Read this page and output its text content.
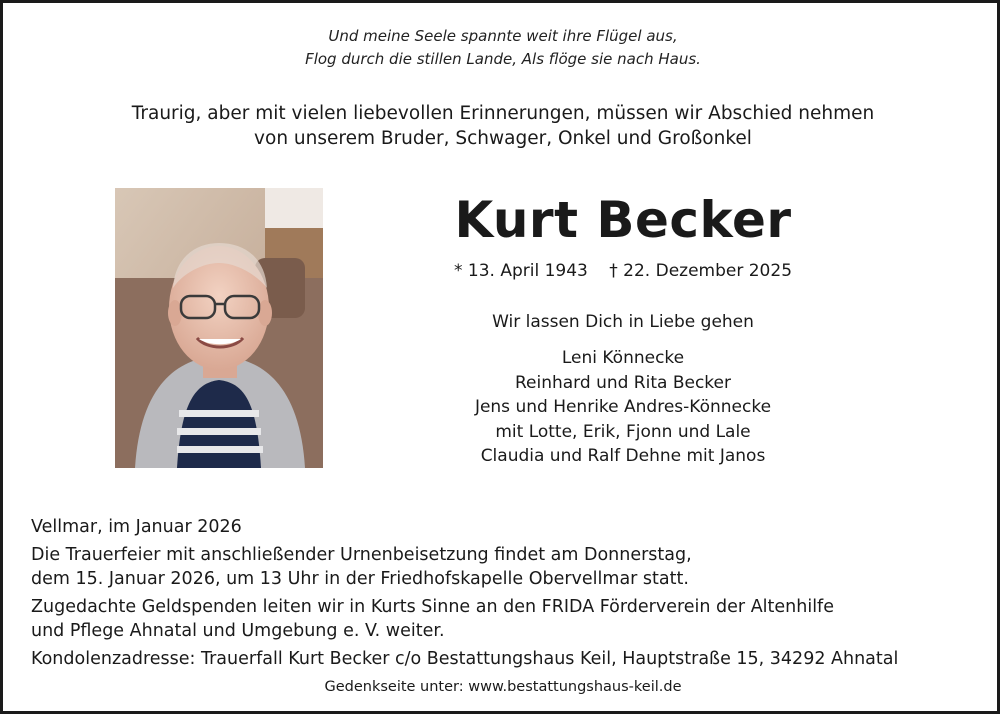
Und meine Seele spannte weit ihre Flügel aus,
Flog durch die stillen Lande, Als flöge sie nach Haus.
Traurig, aber mit vielen liebevollen Erinnerungen, müssen wir Abschied nehmen
von unserem Bruder, Schwager, Onkel und Großonkel
Kurt Becker
* 13. April 1943 † 22. Dezember 2025
Wir lassen Dich in Liebe gehen
Leni Könnecke
Reinhard und Rita Becker
Jens und Henrike Andres-Könnecke
mit Lotte, Erik, Fjonn und Lale
Claudia und Ralf Dehne mit Janos
Vellmar, im Januar 2026
Die Trauerfeier mit anschließender Urnenbeisetzung findet am Donnerstag,
dem 15. Januar 2026, um 13 Uhr in der Friedhofskapelle Obervellmar statt.
Zugedachte Geldspenden leiten wir in Kurts Sinne an den FRIDA Förderverein der Altenhilfe
und Pflege Ahnatal und Umgebung e. V. weiter.
Kondolenzadresse: Trauerfall Kurt Becker c/o Bestattungshaus Keil, Hauptstraße 15, 34292 Ahnatal
Gedenkseite unter: www.bestattungshaus-keil.de
